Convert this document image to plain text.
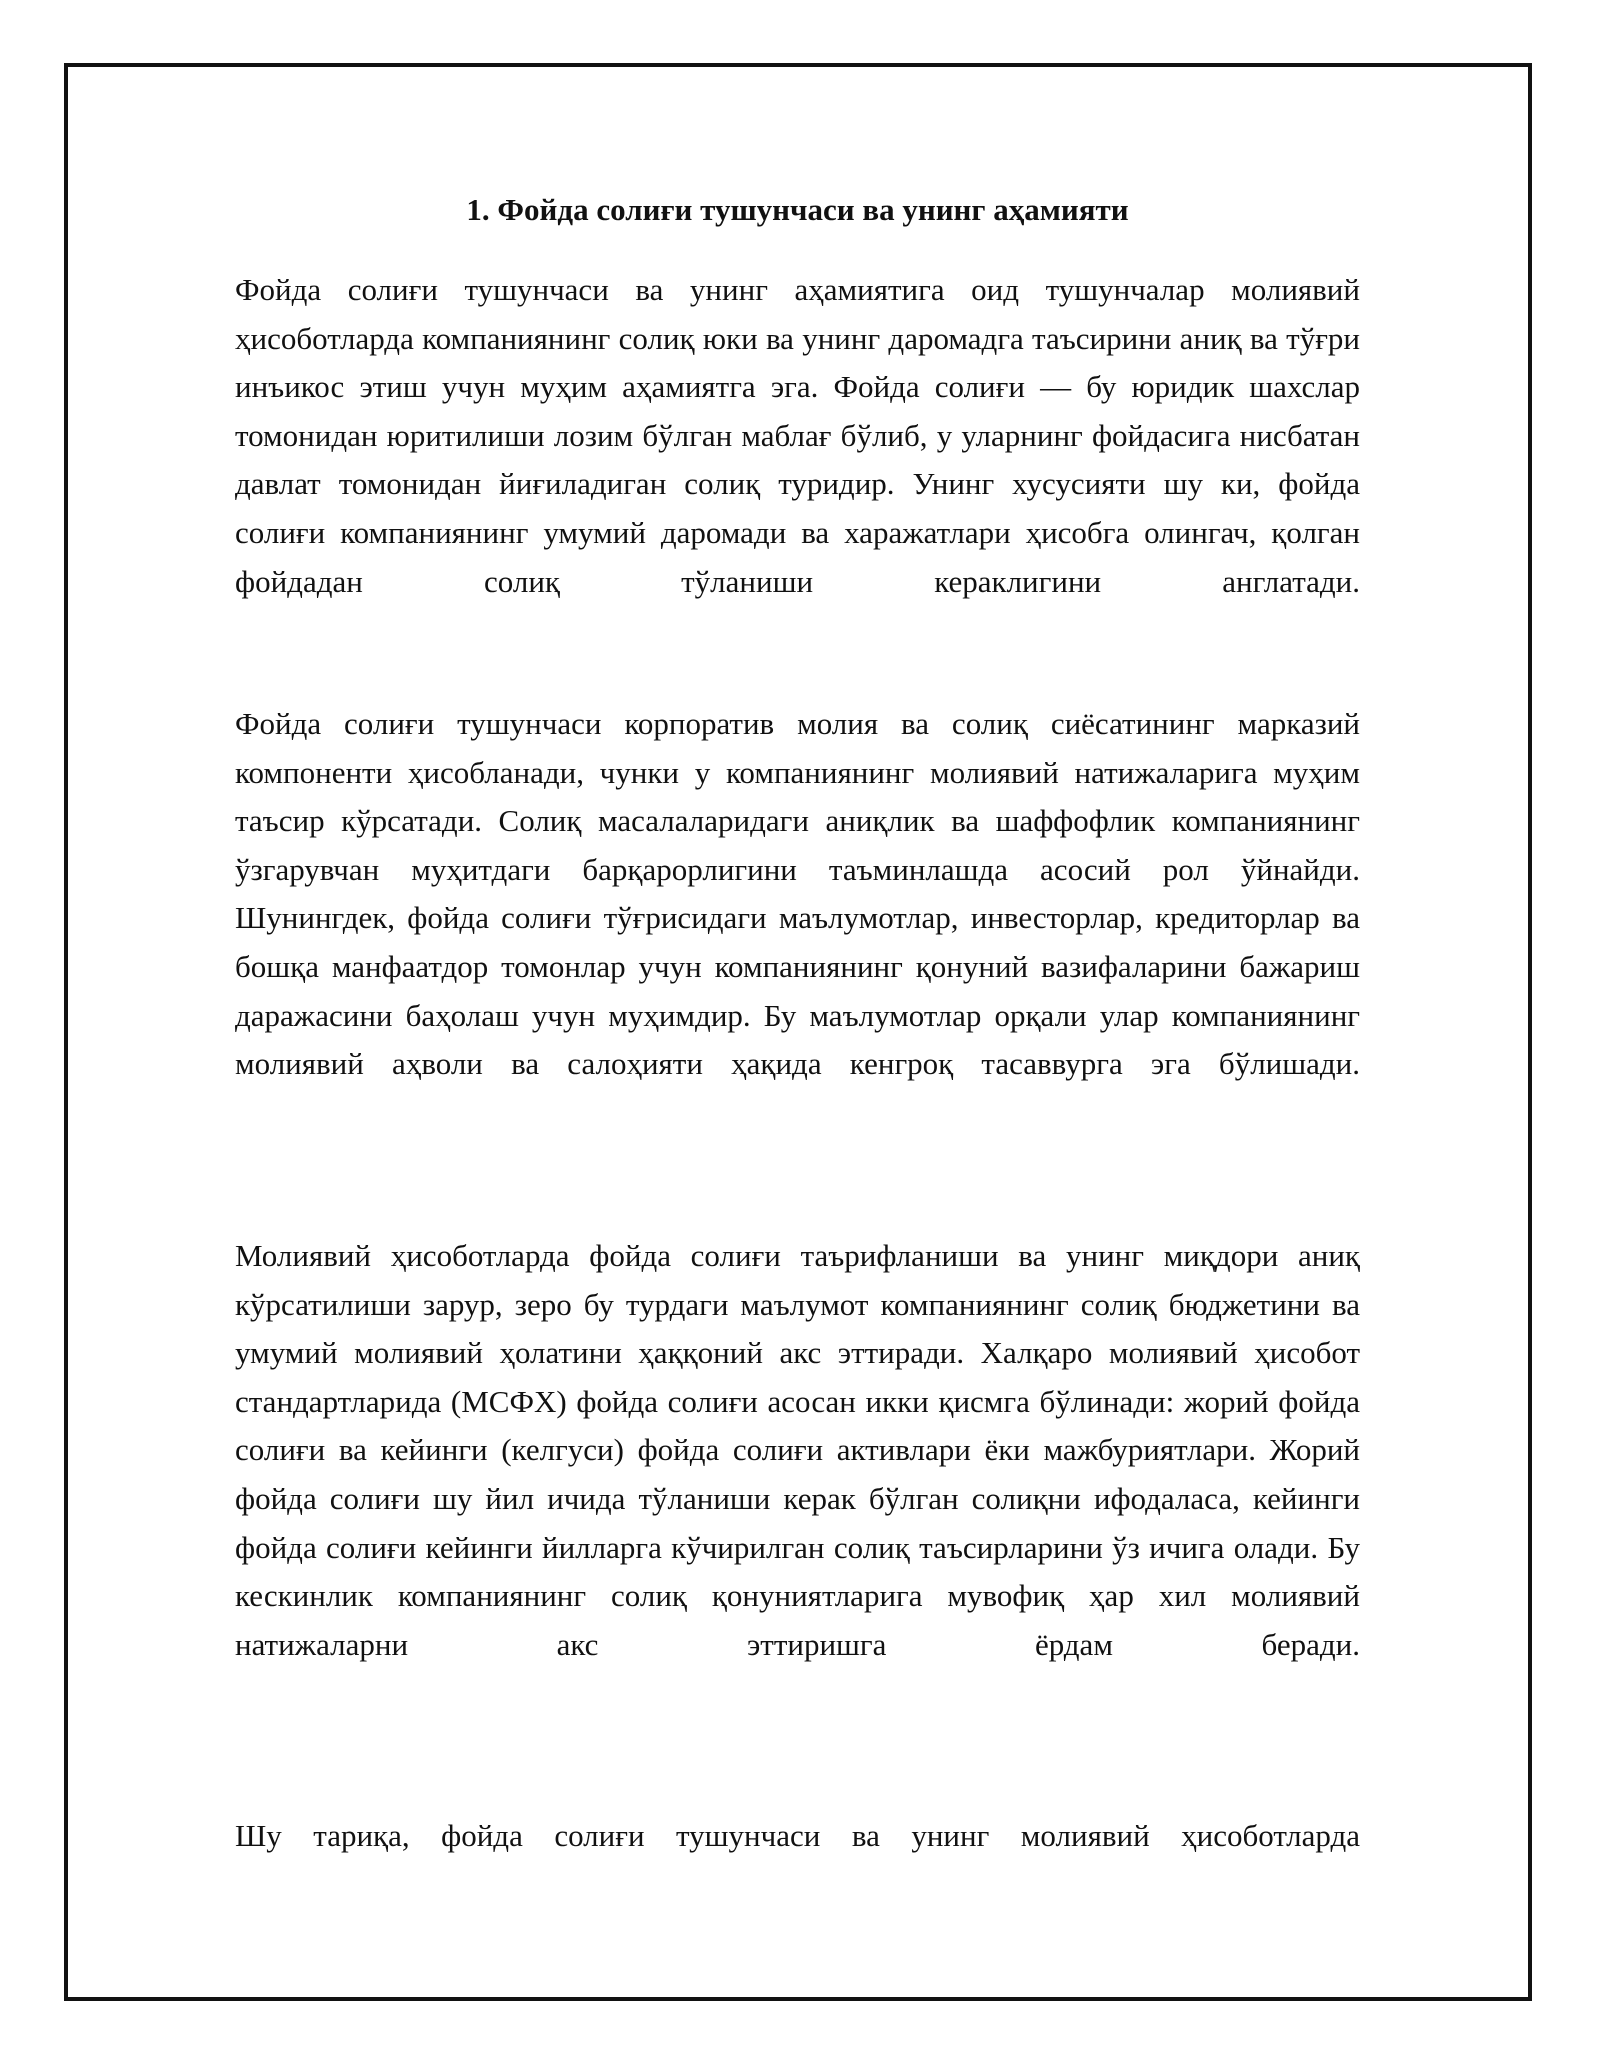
1. Фойда солиғи тушунчаси ва унинг аҳамияти

Фойда солиғи тушунчаси ва унинг аҳамиятига оид тушунчалар молиявий ҳисоботларда компаниянинг солиқ юки ва унинг даромадга таъсирини аниқ ва тўғри инъикос этиш учун муҳим аҳамиятга эга. Фойда солиғи — бу юридик шахслар томонидан юритилиши лозим бўлган маблағ бўлиб, у уларнинг фойдасига нисбатан давлат томонидан йиғиладиган солиқ туридир. Унинг хусусияти шу ки, фойда солиғи компаниянинг умумий даромади ва харажатлари ҳисобга олингач, қолган фойдадан солиқ тўланиши кераклигини англатади.

Фойда солиғи тушунчаси корпоратив молия ва солиқ сиёсатининг марказий компоненти ҳисобланади, чунки у компаниянинг молиявий натижаларига муҳим таъсир кўрсатади. Солиқ масалаларидаги аниқлик ва шаффофлик компаниянинг ўзгарувчан муҳитдаги барқарорлигини таъминлашда асосий рол ўйнайди. Шунингдек, фойда солиғи тўғрисидаги маълумотлар, инвесторлар, кредиторлар ва бошқа манфаатдор томонлар учун компаниянинг қонуний вазифаларини бажариш даражасини баҳолаш учун муҳимдир. Бу маълумотлар орқали улар компаниянинг молиявий аҳволи ва салоҳияти ҳақида кенгроқ тасаввурга эга бўлишади.

Молиявий ҳисоботларда фойда солиғи таърифланиши ва унинг миқдори аниқ кўрсатилиши зарур, зеро бу турдаги маълумот компаниянинг солиқ бюджетини ва умумий молиявий ҳолатини ҳаққоний акс эттиради. Халқаро молиявий ҳисобот стандартларида (МСФХ) фойда солиғи асосан икки қисмга бўлинади: жорий фойда солиғи ва кейинги (келгуси) фойда солиғи активлари ёки мажбуриятлари. Жорий фойда солиғи шу йил ичида тўланиши керак бўлган солиқни ифодаласа, кейинги фойда солиғи кейинги йилларга кўчирилган солиқ таъсирларини ўз ичига олади. Бу кескинлик компаниянинг солиқ қонуниятларига мувофиқ ҳар хил молиявий натижаларни акс эттиришга ёрдам беради.

Шу тариқа, фойда солиғи тушунчаси ва унинг молиявий ҳисоботларда
